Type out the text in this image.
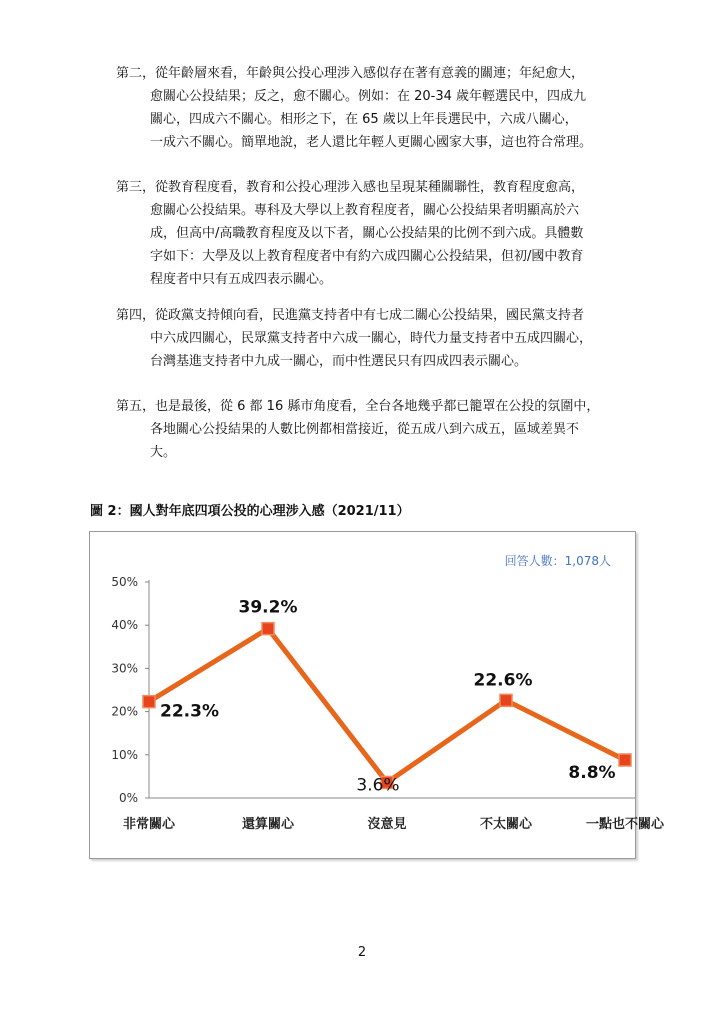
第二，從年齡層來看，年齡與公投心理涉入感似存在著有意義的關連；年紀愈大，
愈關心公投結果；反之，愈不關心。例如：在 20-34 歲年輕選民中，四成九
關心，四成六不關心。相形之下，在 65 歲以上年長選民中，六成八關心，
一成六不關心。簡單地說，老人還比年輕人更關心國家大事，這也符合常理。
第三，從教育程度看，教育和公投心理涉入感也呈現某種關聯性，教育程度愈高，
愈關心公投結果。專科及大學以上教育程度者，關心公投結果者明顯高於六
成，但高中/高職教育程度及以下者，關心公投結果的比例不到六成。具體數
字如下：大學及以上教育程度者中有約六成四關心公投結果，但初/國中教育
程度者中只有五成四表示關心。
第四，從政黨支持傾向看，民進黨支持者中有七成二關心公投結果，國民黨支持者
中六成四關心，民眾黨支持者中六成一關心，時代力量支持者中五成四關心，
台灣基進支持者中九成一關心，而中性選民只有四成四表示關心。
第五，也是最後，從 6 都 16 縣市角度看，全台各地幾乎都已籠罩在公投的氛圍中，
各地關心公投結果的人數比例都相當接近，從五成八到六成五，區域差異不
大。
圖 2：國人對年底四項公投的心理涉入感（2021/11）
回答人數：1,078人
0%
10%
20%
30%
40%
50%
非常關心	還算關心	沒意見	不太關心	一點也不關心
22.3%
39.2%
3.6%
22.6%
8.8%
2
